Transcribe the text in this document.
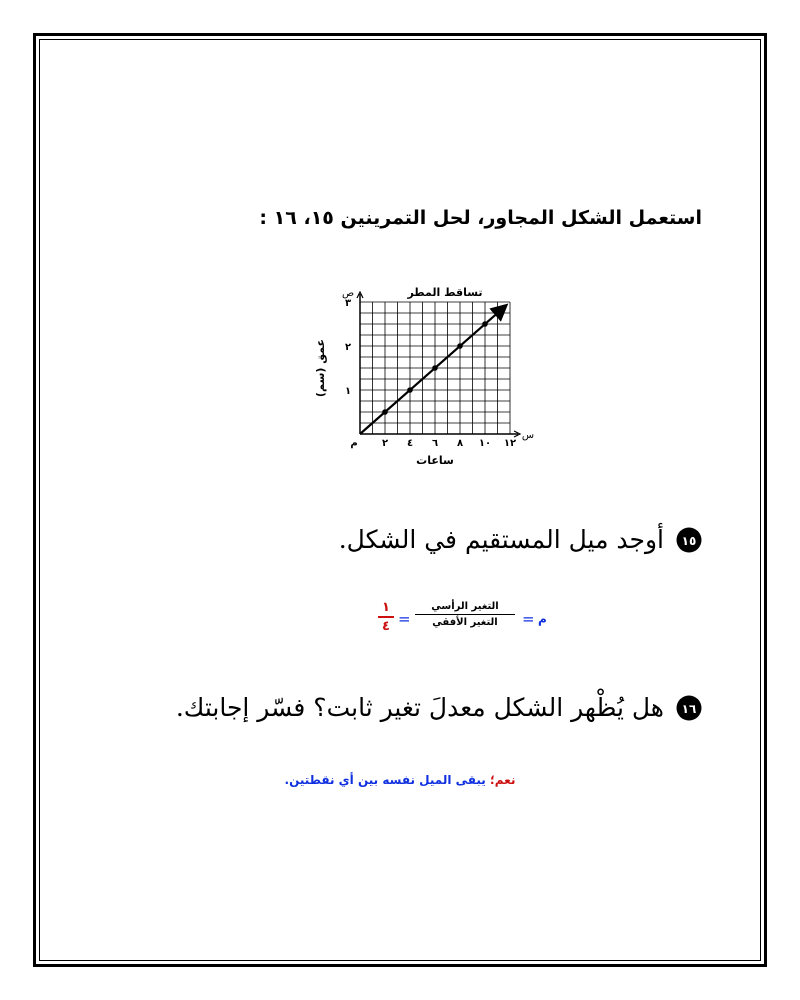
استعمل الشكل المجاور، لحل التمرينين ١٥، ١٦ :
٢ ٤ ٦ ٨ ١٠ ١٢
١
٢
٣
م
س
ص	تساقط المطر
ساعات
عمق (سم)
١٥
أوجد ميل المستقيم في الشكل.
م
=
التغير الرأسي
التغير الأفقي
=
١
٤
١٦
هل يُظْهر الشكل معدلَ تغير ثابت؟ فسّر إجابتك.
نعم؛ يبقى الميل نفسه بين أي نقطتين.
